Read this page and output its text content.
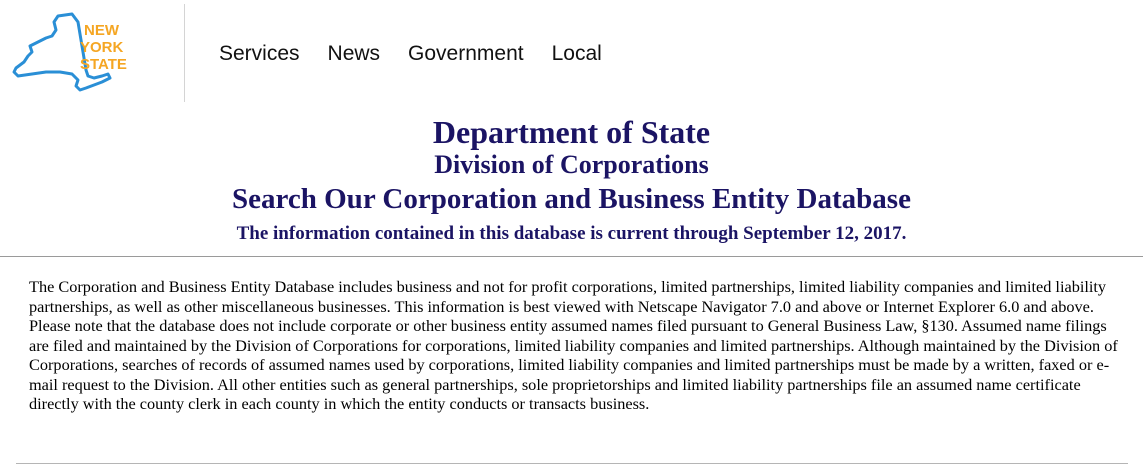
NEW
YORK
STATE	Services News Government Local
Department of State
Division of Corporations
Search Our Corporation and Business Entity Database
The information contained in this database is current through September 12, 2017.
The Corporation and Business Entity Database includes business and not for profit corporations, limited partnerships, limited liability companies and limited liability partnerships, as well as other miscellaneous businesses. This information is best viewed with Netscape Navigator 7.0 and above or Internet Explorer 6.0 and above. Please note that the database does not include corporate or other business entity assumed names filed pursuant to General Business Law, §130. Assumed name filings are filed and maintained by the Division of Corporations for corporations, limited liability companies and limited partnerships. Although maintained by the Division of Corporations, searches of records of assumed names used by corporations, limited liability companies and limited partnerships must be made by a written, faxed or e-mail request to the Division. All other entities such as general partnerships, sole proprietorships and limited liability partnerships file an assumed name certificate directly with the county clerk in each county in which the entity conducts or transacts business.
